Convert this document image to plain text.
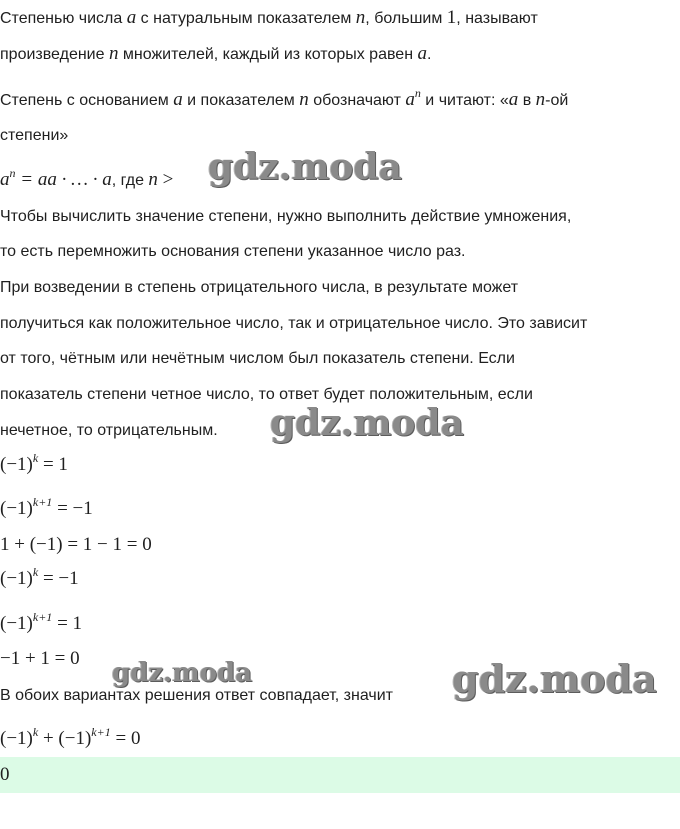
Степенью числа a с натуральным показателем n, большим 1, называют
произведение n множителей, каждый из которых равен a.
Степень с основанием a и показателем n обозначают $a^n$ и читают: «a в n-ой
степени»
$a^n$ = aa · … · a, где n > gdz.moda
Чтобы вычислить значение степени, нужно выполнить действие умножения,
то есть перемножить основания степени указанное число раз.
При возведении в степень отрицательного числа, в результате может
получиться как положительное число, так и отрицательное число. Это зависит
от того, чётным или нечётным числом был показатель степени. Если
показатель степени четное число, то ответ будет положительным, если
нечетное, то отрицательным. gdz.moda
$(-1)^k = 1$
$(-1)^{k+1} = -1$
1 + (−1) = 1 − 1 = 0
$(-1)^k = -1$
$(-1)^{k+1} = 1$
−1 + 1 = 0 gdz.moda
В обоих вариантах решения ответ совпадает, значит gdz.moda
$(-1)^k + (-1)^{k+1} = 0$
0
